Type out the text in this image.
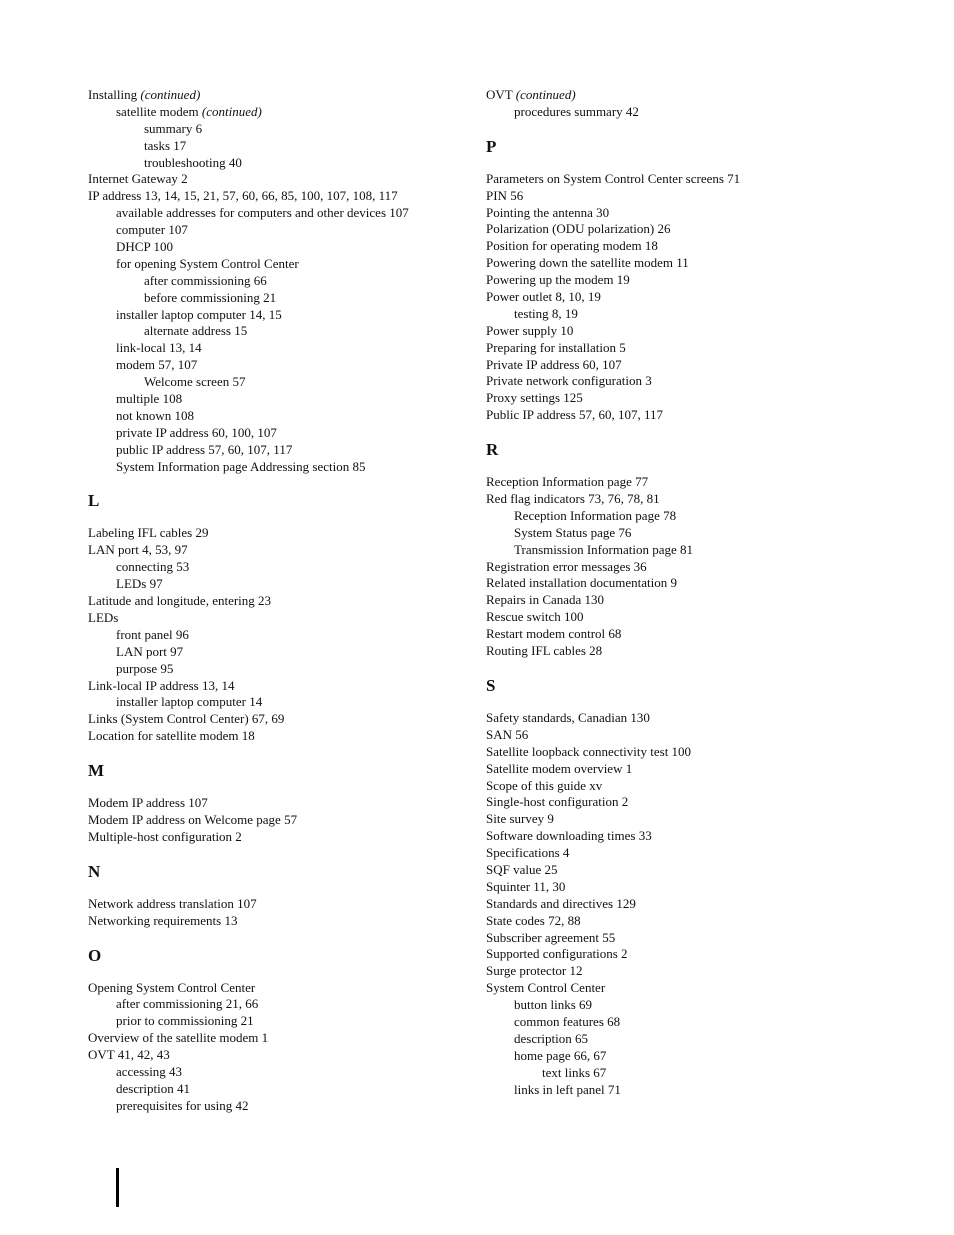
Installing (continued)
satellite modem (continued)
summary 6
tasks 17
troubleshooting 40
Internet Gateway 2
IP address 13, 14, 15, 21, 57, 60, 66, 85, 100, 107, 108, 117
available addresses for computers and other devices 107
computer 107
DHCP 100
for opening System Control Center
after commissioning 66
before commissioning 21
installer laptop computer 14, 15
alternate address 15
link-local 13, 14
modem 57, 107
Welcome screen 57
multiple 108
not known 108
private IP address 60, 100, 107
public IP address 57, 60, 107, 117
System Information page Addressing section 85
L
Labeling IFL cables 29
LAN port 4, 53, 97
connecting 53
LEDs 97
Latitude and longitude, entering 23
LEDs
front panel 96
LAN port 97
purpose 95
Link-local IP address 13, 14
installer laptop computer 14
Links (System Control Center) 67, 69
Location for satellite modem 18
M
Modem IP address 107
Modem IP address on Welcome page 57
Multiple-host configuration 2
N
Network address translation 107
Networking requirements 13
O
Opening System Control Center
after commissioning 21, 66
prior to commissioning 21
Overview of the satellite modem 1
OVT 41, 42, 43
accessing 43
description 41
prerequisites for using 42
OVT (continued)
procedures summary 42
P
Parameters on System Control Center screens 71
PIN 56
Pointing the antenna 30
Polarization (ODU polarization) 26
Position for operating modem 18
Powering down the satellite modem 11
Powering up the modem 19
Power outlet 8, 10, 19
testing 8, 19
Power supply 10
Preparing for installation 5
Private IP address 60, 107
Private network configuration 3
Proxy settings 125
Public IP address 57, 60, 107, 117
R
Reception Information page 77
Red flag indicators 73, 76, 78, 81
Reception Information page 78
System Status page 76
Transmission Information page 81
Registration error messages 36
Related installation documentation 9
Repairs in Canada 130
Rescue switch 100
Restart modem control 68
Routing IFL cables 28
S
Safety standards, Canadian 130
SAN 56
Satellite loopback connectivity test 100
Satellite modem overview 1
Scope of this guide xv
Single-host configuration 2
Site survey 9
Software downloading times 33
Specifications 4
SQF value 25
Squinter 11, 30
Standards and directives 129
State codes 72, 88
Subscriber agreement 55
Supported configurations 2
Surge protector 12
System Control Center
button links 69
common features 68
description 65
home page 66, 67
text links 67
links in left panel 71
